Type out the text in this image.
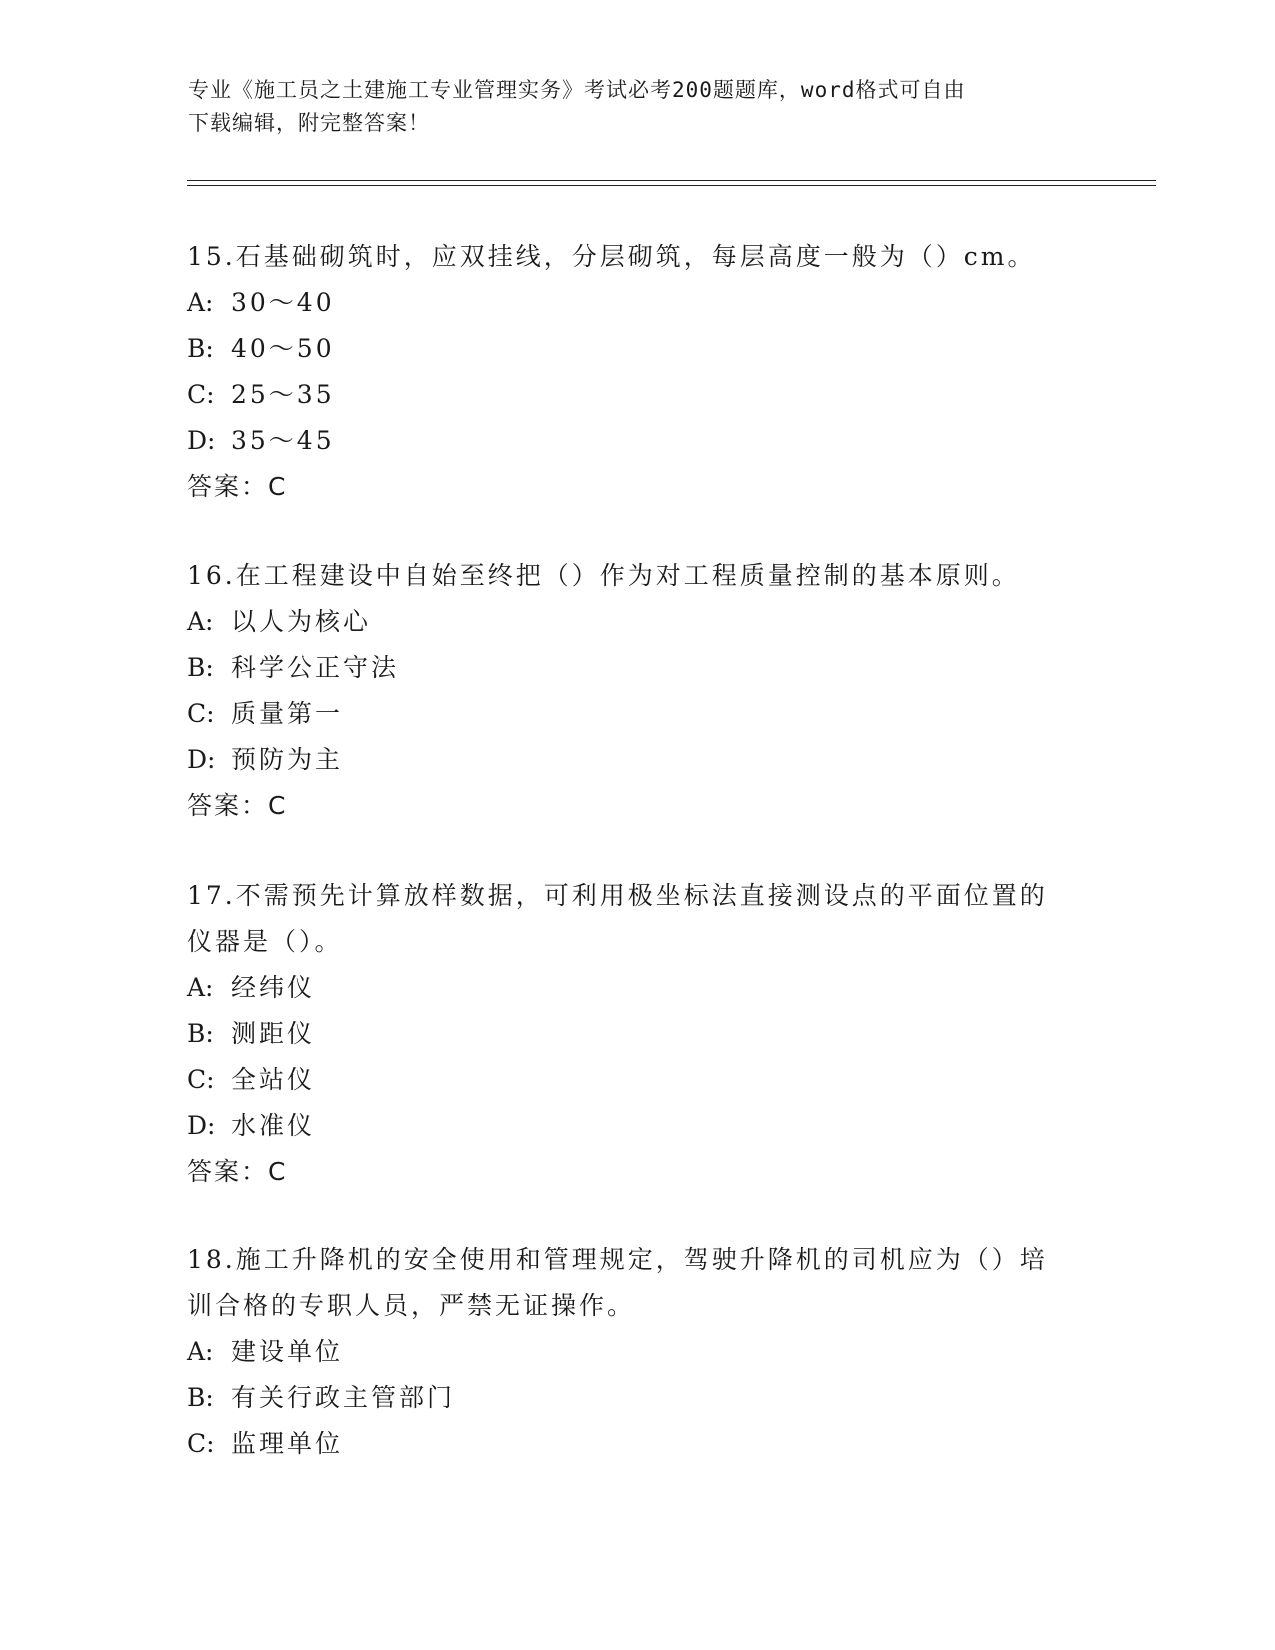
专业《施工员之土建施工专业管理实务》考试必考200题题库，word格式可自由
下载编辑，附完整答案！
15.石基础砌筑时，应双挂线，分层砌筑，每层高度一般为（）cm。
A: 30～40
B: 40～50
C: 25～35
D: 35～45
答案：C
16.在工程建设中自始至终把（）作为对工程质量控制的基本原则。
A: 以人为核心
B: 科学公正守法
C: 质量第一
D: 预防为主
答案：C
17.不需预先计算放样数据，可利用极坐标法直接测设点的平面位置的
仪器是（）。
A: 经纬仪
B: 测距仪
C: 全站仪
D: 水准仪
答案：C
18.施工升降机的安全使用和管理规定，驾驶升降机的司机应为（）培
训合格的专职人员，严禁无证操作。
A: 建设单位
B: 有关行政主管部门
C: 监理单位
